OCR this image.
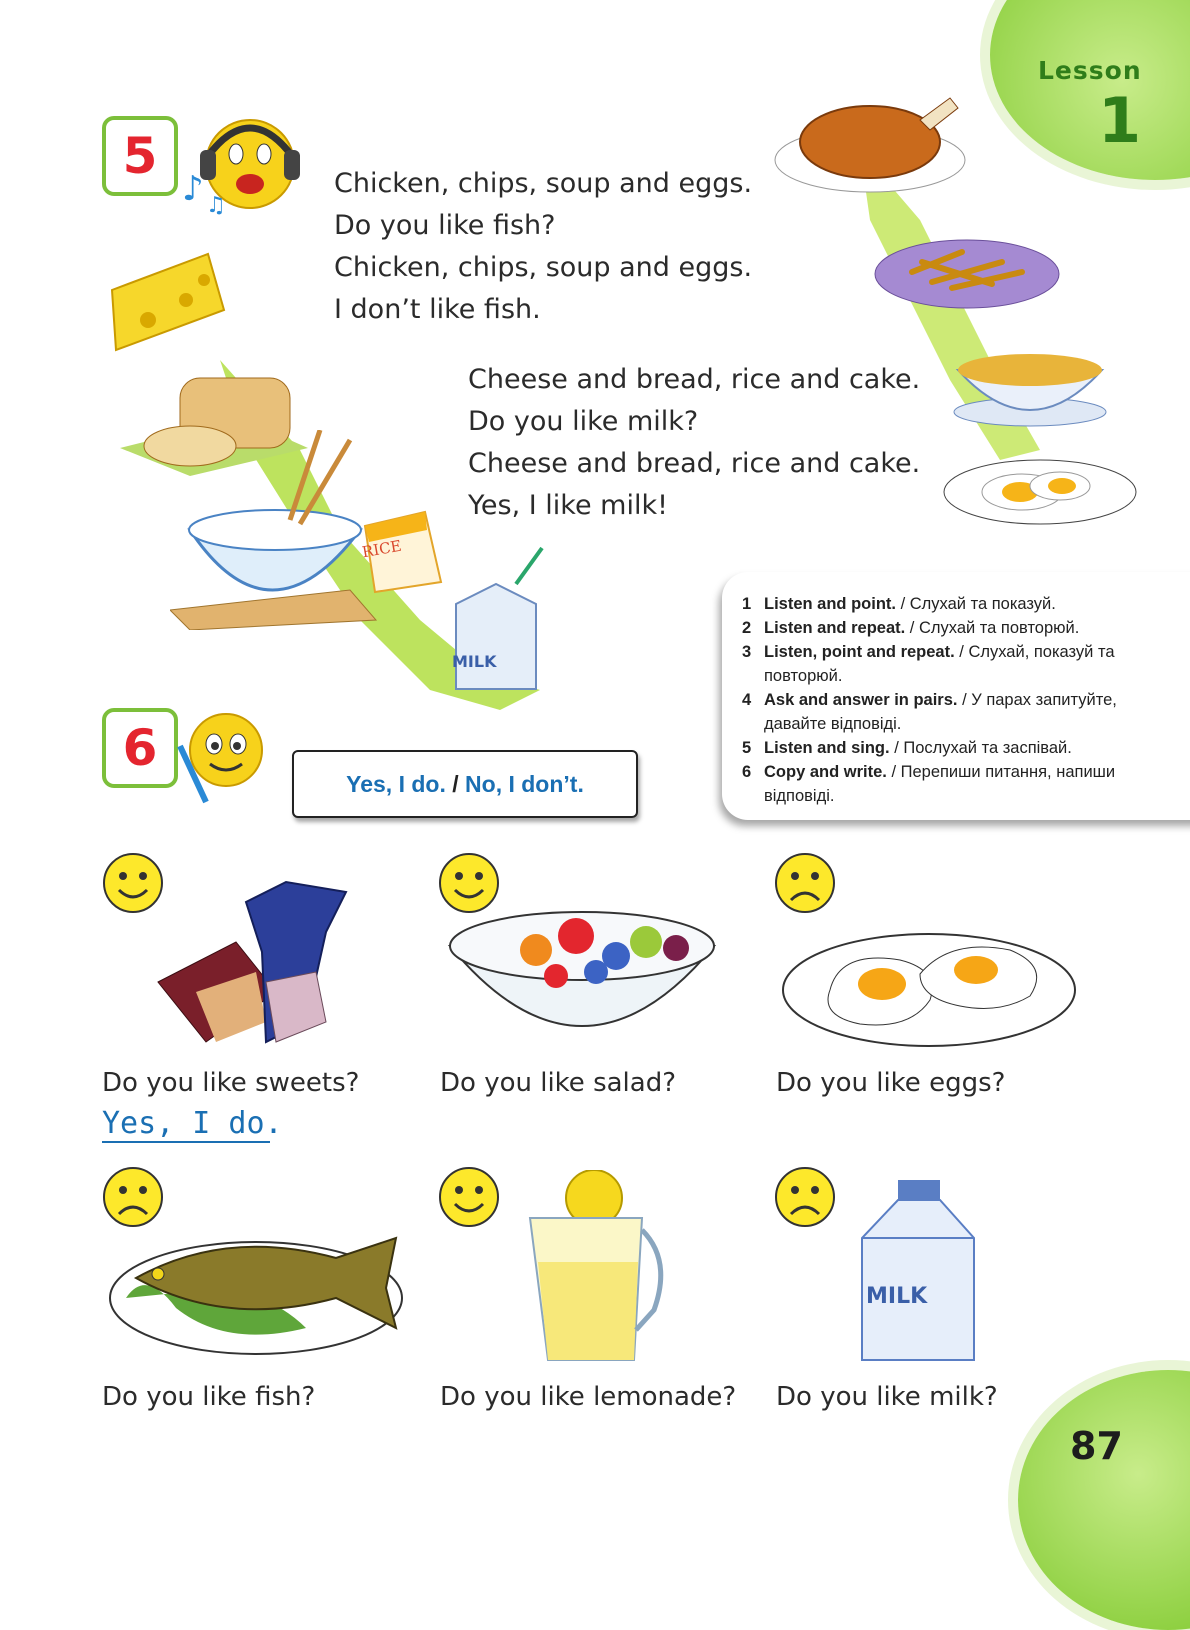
Lesson
1
5
♪ ♫
Chicken, chips, soup and eggs.
Do you like fish?
Chicken, chips, soup and eggs.
I don’t like fish.
Cheese and bread, rice and cake.
Do you like milk?
Cheese and bread, rice and cake.
Yes, I like milk!
RICE
MILK
1 Listen and point. / Слухай та показуй.
2 Listen and repeat. / Слухай та повторюй.
3 Listen, point and repeat. / Слухай, показуй та повторюй.
4 Ask and answer in pairs. / У парах запитуйте, давайте відповіді.
5 Listen and sing. / Послухай та заспівай.
6 Copy and write. / Перепиши питання, напиши відповіді.
6
Yes, I do. / No, I don’t.
MILK
Do you like sweets?
Yes, I do.
Do you like salad?	Do you like eggs?
Do you like fish?	Do you like lemonade? Do you like milk?
87
